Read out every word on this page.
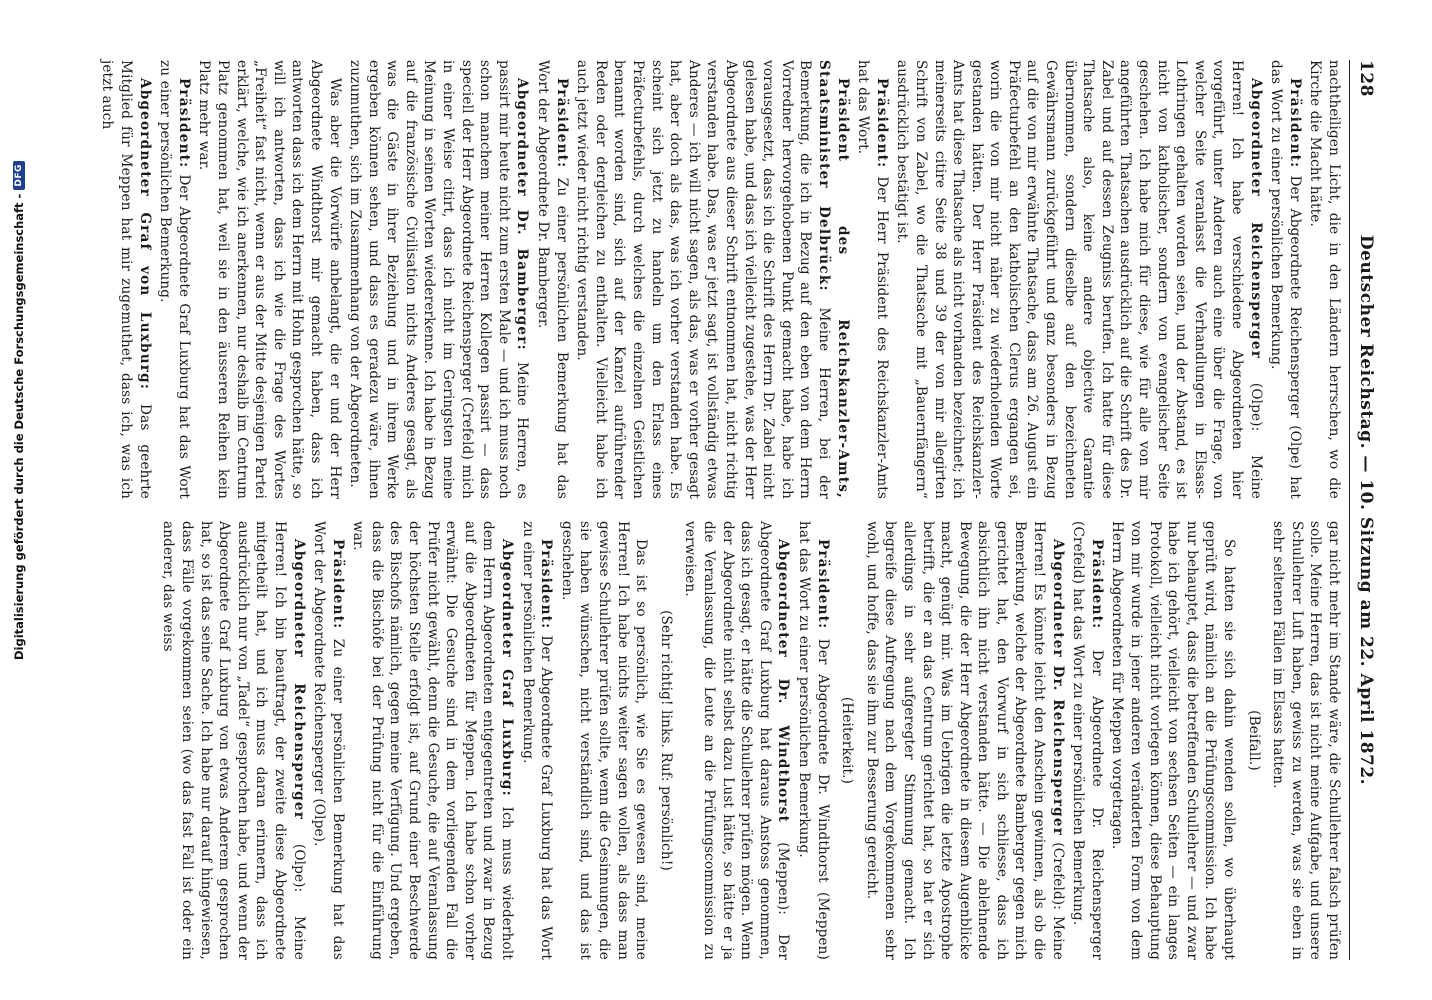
128
Deutscher Reichstag. — 10. Sitzung am 22. April 1872.

nachtheiligen Licht, die in den Ländern herrschen, wo die Kirche die Macht hätte.

Präsident: Der Abgeordnete Reichensperger (Olpe) hat das Wort zu einer persönlichen Bemerkung.

Abgeordneter Reichensperger (Olpe): Meine Herren! Ich habe verschiedene Abgeordneten hier vorgeführt, unter Anderen auch eine über die Frage, von welcher Seite veranlasst die Verhandlungen in Elsass-Lothringen gehalten worden seien, und der Abstand, es ist nicht von katholischer, sondern von evangelischer Seite geschehen. Ich habe mich für diese, wie für alle von mir angeführten Thatsachen ausdrücklich auf die Schrift des Dr. Zabel und auf dessen Zeugniss berufen. Ich hatte für diese Thatsache also, keine andere objective Garantie übernommen, sondern dieselbe auf den bezeichneten Gewährsmann zurückgeführt und ganz besonders in Bezug auf die von mir erwähnte Thatsache, dass am 26. August ein Präfecturbefehl an den katholischen Clerus ergangen sei, worin die von mir nicht näher zu wiederholenden Worte gestanden hätten. Der Herr Präsident des Reichskanzler-Amts hat diese Thatsache als nicht vorhanden bezeichnet; ich meinerseits citire Seite 38 und 39 der von mir allegirten Schrift von Zabel, wo die Thatsache mit „Bauernfängern“ ausdrücklich bestätigt ist.

Präsident: Der Herr Präsident des Reichskanzler-Amts hat das Wort.

Präsident des Reichskanzler-Amts, Staatsminister Delbrück: Meine Herren, bei der Bemerkung, die ich in Bezug auf den eben von dem Herrn Vorredner hervorgehobenen Punkt gemacht habe, habe ich vorausgesetzt, dass ich die Schrift des Herrn Dr. Zabel nicht gelesen habe, und dass ich vielleicht zugestehe, was der Herr Abgeordnete aus dieser Schrift entnommen hat, nicht richtig verstanden habe. Das, was er jetzt sagt, ist vollständig etwas Anderes — ich will nicht sagen, als das, was er vorher gesagt hat, aber doch als das, was ich vorher verstanden habe. Es scheint sich jetzt zu handeln um den Erlass eines Präfecturbefehls, durch welches die einzelnen Geistlichen benannt worden sind, sich auf der Kanzel aufrührender Reden oder dergleichen zu enthalten. Vielleicht habe ich auch jetzt wieder nicht richtig verstanden.

Präsident: Zu einer persönlichen Bemerkung hat das Wort der Abgeordnete Dr. Bamberger.

Abgeordneter Dr. Bamberger: Meine Herren, es passirt mir heute nicht zum ersten Male — und ich muss noch schon manchem meiner Herren Kollegen passirt — dass speciell der Herr Abgeordnete Reichensperger (Crefeld) mich in einer Weise citirt, dass ich nicht im Geringsten meine Meinung in seinen Worten wiedererkenne. Ich habe in Bezug auf die französische Civilisation nichts Anderes gesagt, als was die Gäste in ihrer Beziehung und in ihrem Werke ergeben können sehen, und dass es geradezu wäre, ihnen zuzumuthen, sich im Zusammenhang von der Abgeordneten.

Was aber die Vorwürfe anbelangt, die er und der Herr Abgeordnete Windthorst mir gemacht haben, dass ich antworten dass ich dem Herrn mit Hohn gesprochen hätte, so will ich antworten, dass ich wie die Frage des Wortes „Freiheit“ fast nicht, wenn er aus der Mitte desjenigen Partei erklärt, welche, wie ich anerkennen, nur deshalb im Centrum Platz genommen hat, weil sie in den äusseren Reihen kein Platz mehr war.

Präsident: Der Abgeordnete Graf Luxburg hat das Wort zu einer persönlichen Bemerkung.

Abgeordneter Graf von Luxburg: Das geehrte Mitglied für Meppen hat mir zugemuthet, dass ich, was ich jetzt auch

gar nicht mehr im Stande wäre, die Schullehrer falsch prüfen solle. Meine Herren, das ist nicht meine Aufgabe, und unsere Schullehrer Luft haben, gewiss zu werden, was sie eben in sehr seltenen Fällen im Elsass hatten.

(Beifall.)

So hatten sie sich dahin wenden sollen, wo überhaupt geprüft wird, nämlich an die Prüfungscommission. Ich habe nur behauptet, dass die betreffenden Schullehrer — und zwar habe ich gehört, vielleicht von sechsen Seiten — ein langes Protokoll, vielleicht nicht vorlegen können, diese Behauptung von mir wurde in jener anderen veränderten Form von dem Herrn Abgeordneten für Meppen vorgetragen.

Präsident: Der Abgeordnete Dr. Reichensperger (Crefeld) hat das Wort zu einer persönlichen Bemerkung.

Abgeordneter Dr. Reichensperger (Crefeld): Meine Herren! Es könnte leicht den Anschein gewinnen, als ob die Bemerkung, welche der Abgeordnete Bamberger gegen mich gerichtet hat, den Vorwurf in sich schliesse, dass ich absichtlich ihn nicht verstanden hätte. — Die ablehnende Bewegung, die der Herr Abgeordnete in diesem Augenblicke macht, genügt mir. Was im Uebrigen die letzte Apostrophe betrifft, die er an das Centrum gerichtet hat, so hat er sich allerdings in sehr aufgeregter Stimmung gemacht. Ich begreife diese Aufregung nach dem Vorgekommenen sehr wohl, und hoffe, dass sie ihm zur Besserung gereicht.

(Heiterkeit.)

Präsident: Der Abgeordnete Dr. Windthorst (Meppen) hat das Wort zu einer persönlichen Bemerkung.

Abgeordneter Dr. Windthorst (Meppen): Der Abgeordnete Graf Luxburg hat daraus Anstoss genommen, dass ich gesagt, er hätte die Schullehrer prüfen mögen. Wenn der Abgeordnete nicht selbst dazu Lust hätte, so hätte er ja die Veranlassung, die Leute an die Prüfungscommission zu verweisen.

(Sehr richtig! links. Ruf: persönlich!)

Das ist so persönlich, wie Sie es gewesen sind, meine Herren! Ich habe nichts weiter sagen wollen, als dass man gewisse Schullehrer prüfen sollte, wenn die Gesinnungen, die sie haben wünschen, nicht verständlich sind, und das ist geschehen.

Präsident: Der Abgeordnete Graf Luxburg hat das Wort zu einer persönlichen Bemerkung.

Abgeordneter Graf Luxburg: Ich muss wiederholt dem Herrn Abgeordneten entgegentreten und zwar in Bezug auf die Abgeordneten für Meppen. Ich habe schon vorher erwähnt: Die Gesuche sind in dem vorliegenden Fall die Prüfer nicht gewählt, denn die Gesuche, die auf Veranlassung der höchsten Stelle erfolgt ist, auf Grund einer Beschwerde des Bischofs nämlich, gegen meine Verfügung. Und ergeben, dass die Bischöfe bei der Prüfung nicht für die Einführung war.

Präsident: Zu einer persönlichen Bemerkung hat das Wort der Abgeordnete Reichensperger (Olpe).

Abgeordneter Reichensperger (Olpe): Meine Herren! Ich bin beauftragt, der zweite diese Abgeordnete mitgetheilt hat, und ich muss daran erinnern, dass ich ausdrücklich nur von „Tadel“ gesprochen habe, und wenn der Abgeordnete Graf Luxburg von etwas Anderem gesprochen hat, so ist das seine Sache. Ich habe nur darauf hingewiesen, dass Fälle vorgekommen seien (wo das fast Fall ist oder ein anderer, das weiss

Digitalisierung gefördert durch die Deutsche Forschungsgemeinschaft -
DFG
